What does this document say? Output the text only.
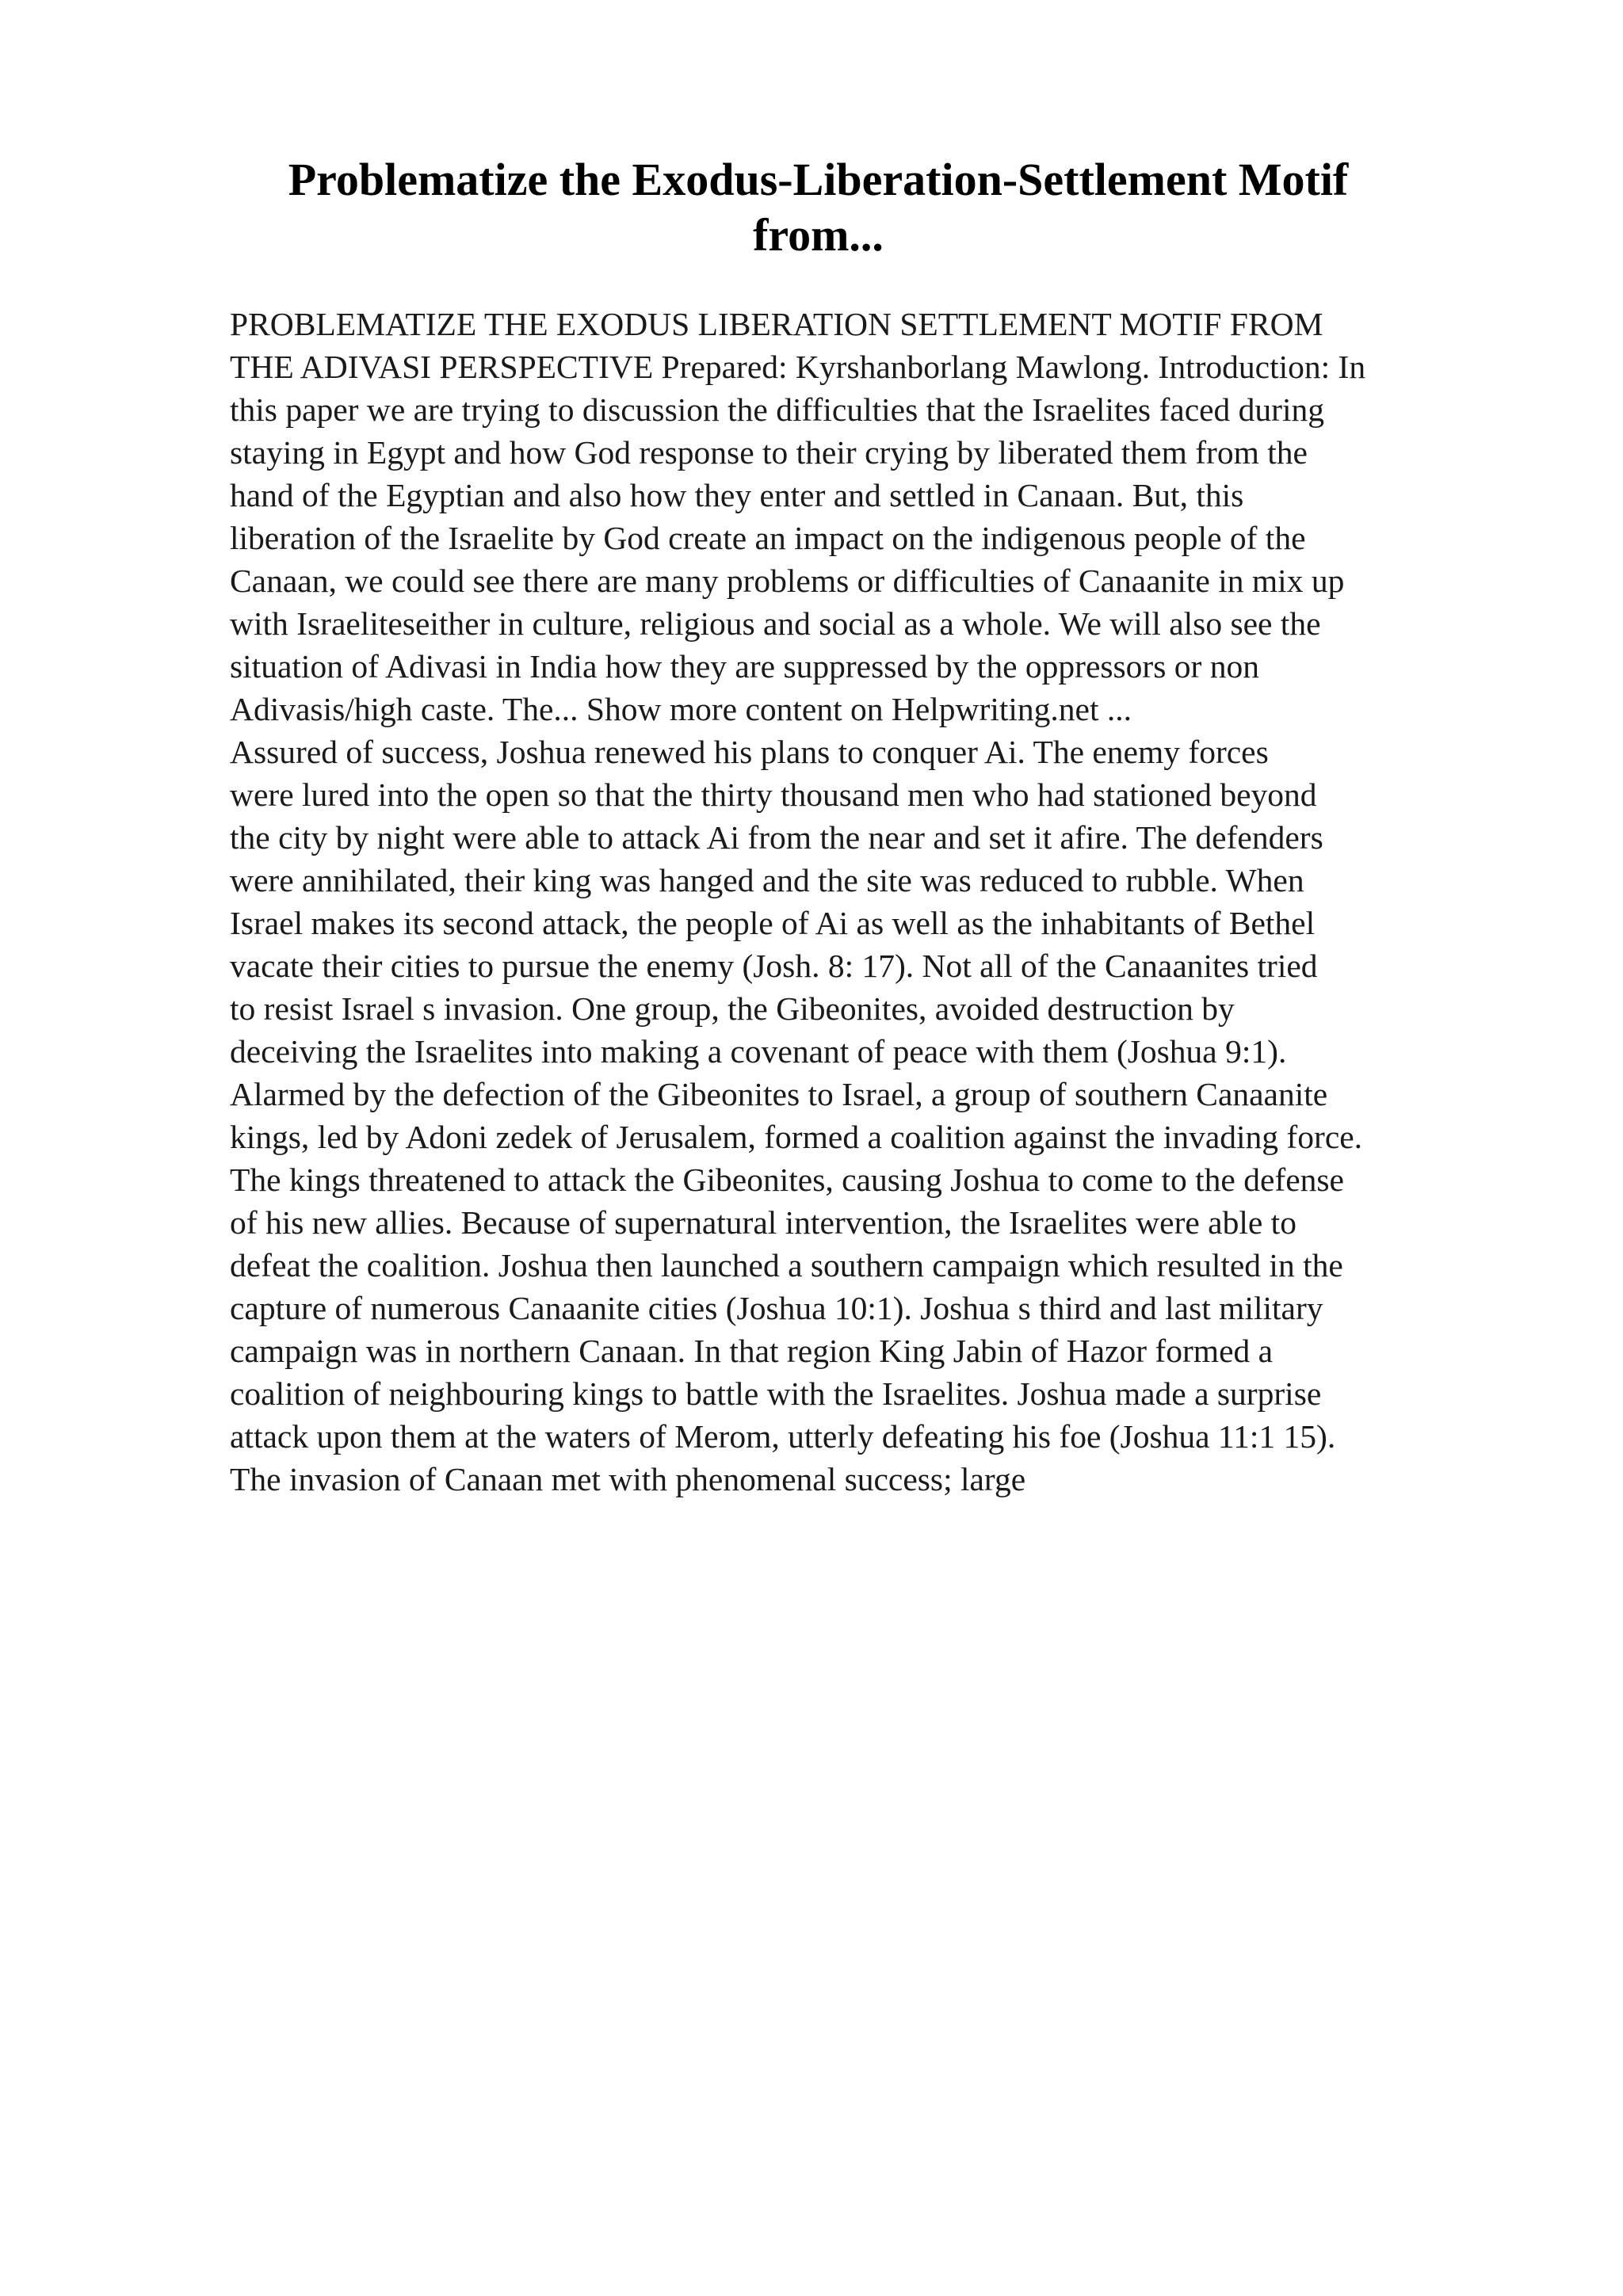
Problematize the Exodus-Liberation-Settlement Motif
from...

PROBLEMATIZE THE EXODUS LIBERATION SETTLEMENT MOTIF FROM
THE ADIVASI PERSPECTIVE Prepared: Kyrshanborlang Mawlong. Introduction: In
this paper we are trying to discussion the difficulties that the Israelites faced during
staying in Egypt and how God response to their crying by liberated them from the
hand of the Egyptian and also how they enter and settled in Canaan. But, this
liberation of the Israelite by God create an impact on the indigenous people of the
Canaan, we could see there are many problems or difficulties of Canaanite in mix up
with Israeliteseither in culture, religious and social as a whole. We will also see the
situation of Adivasi in India how they are suppressed by the oppressors or non
Adivasis/high caste. The... Show more content on Helpwriting.net ...

Assured of success, Joshua renewed his plans to conquer Ai. The enemy forces
were lured into the open so that the thirty thousand men who had stationed beyond
the city by night were able to attack Ai from the near and set it afire. The defenders
were annihilated, their king was hanged and the site was reduced to rubble. When
Israel makes its second attack, the people of Ai as well as the inhabitants of Bethel
vacate their cities to pursue the enemy (Josh. 8: 17). Not all of the Canaanites tried
to resist Israel s invasion. One group, the Gibeonites, avoided destruction by
deceiving the Israelites into making a covenant of peace with them (Joshua 9:1).
Alarmed by the defection of the Gibeonites to Israel, a group of southern Canaanite
kings, led by Adoni zedek of Jerusalem, formed a coalition against the invading force.
The kings threatened to attack the Gibeonites, causing Joshua to come to the defense
of his new allies. Because of supernatural intervention, the Israelites were able to
defeat the coalition. Joshua then launched a southern campaign which resulted in the
capture of numerous Canaanite cities (Joshua 10:1). Joshua s third and last military
campaign was in northern Canaan. In that region King Jabin of Hazor formed a
coalition of neighbouring kings to battle with the Israelites. Joshua made a surprise
attack upon them at the waters of Merom, utterly defeating his foe (Joshua 11:1 15).
The invasion of Canaan met with phenomenal success; large
